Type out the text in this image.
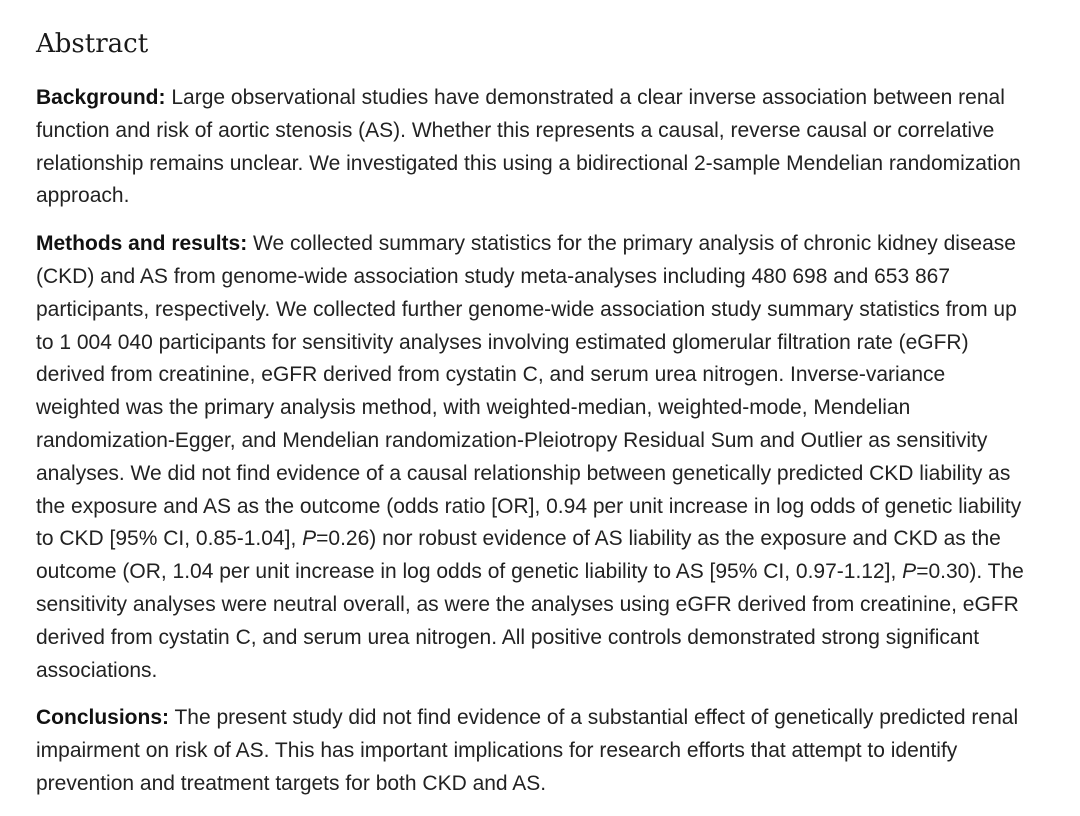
Abstract

Background: Large observational studies have demonstrated a clear inverse association between renal function and risk of aortic stenosis (AS). Whether this represents a causal, reverse causal or correlative relationship remains unclear. We investigated this using a bidirectional 2-sample Mendelian randomization approach.

Methods and results: We collected summary statistics for the primary analysis of chronic kidney disease (CKD) and AS from genome-wide association study meta-analyses including 480 698 and 653 867 participants, respectively. We collected further genome-wide association study summary statistics from up to 1 004 040 participants for sensitivity analyses involving estimated glomerular filtration rate (eGFR) derived from creatinine, eGFR derived from cystatin C, and serum urea nitrogen. Inverse-variance weighted was the primary analysis method, with weighted-median, weighted-mode, Mendelian randomization-Egger, and Mendelian randomization-Pleiotropy Residual Sum and Outlier as sensitivity analyses. We did not find evidence of a causal relationship between genetically predicted CKD liability as the exposure and AS as the outcome (odds ratio [OR], 0.94 per unit increase in log odds of genetic liability to CKD [95% CI, 0.85-1.04], P=0.26) nor robust evidence of AS liability as the exposure and CKD as the outcome (OR, 1.04 per unit increase in log odds of genetic liability to AS [95% CI, 0.97-1.12], P=0.30). The sensitivity analyses were neutral overall, as were the analyses using eGFR derived from creatinine, eGFR derived from cystatin C, and serum urea nitrogen. All positive controls demonstrated strong significant associations.

Conclusions: The present study did not find evidence of a substantial effect of genetically predicted renal impairment on risk of AS. This has important implications for research efforts that attempt to identify prevention and treatment targets for both CKD and AS.
